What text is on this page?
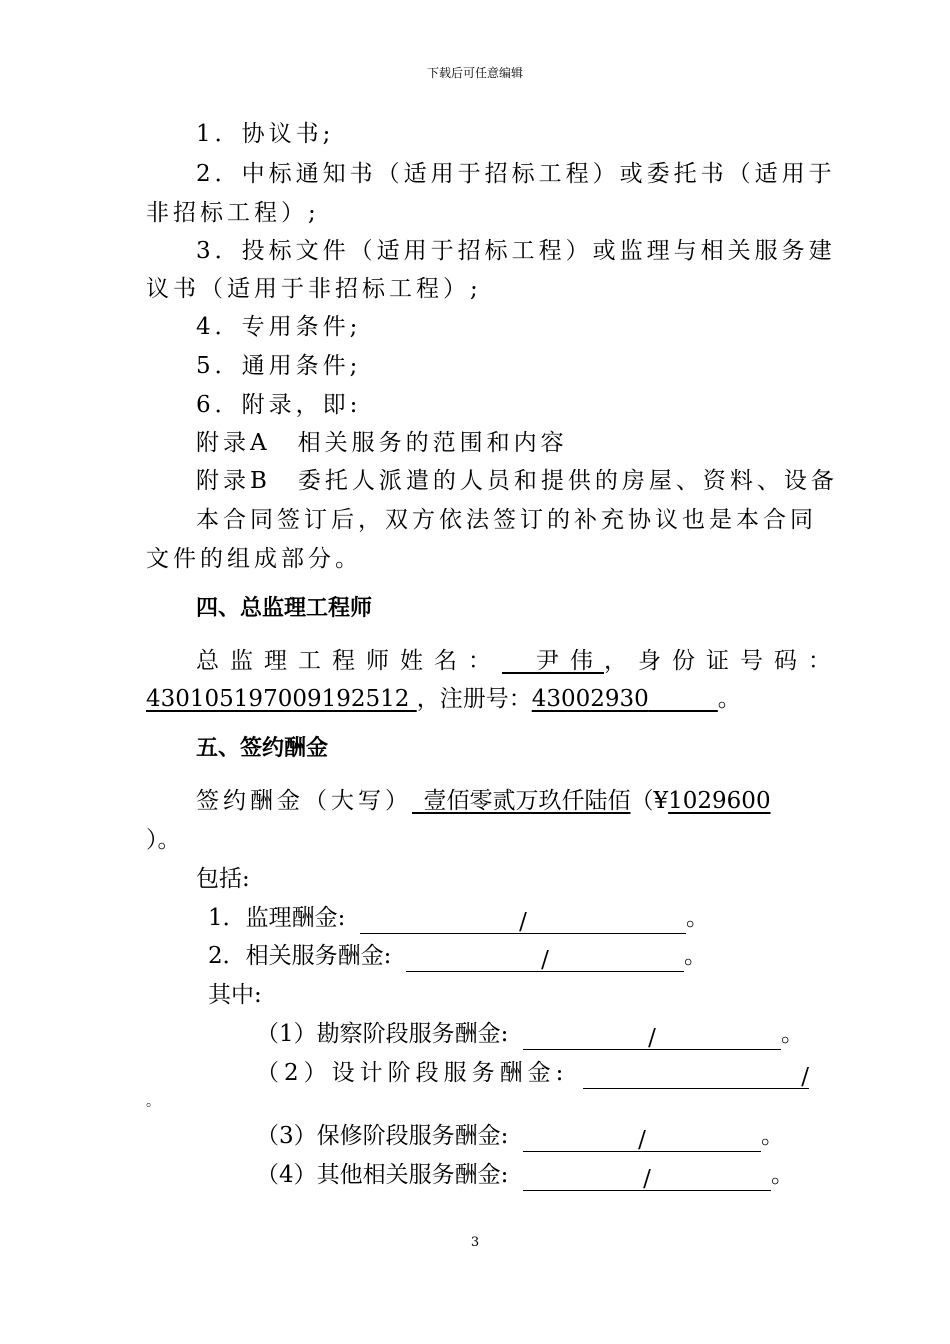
下载后可任意编辑
1．协议书;
2．中标通知书（适用于招标工程）或委托书（适用于
非招标工程）;
3．投标文件（适用于招标工程）或监理与相关服务建
议书（适用于非招标工程）;
4．专用条件;
5．通用条件;
6．附录，即:
附录A　相关服务的范围和内容
附录B　委托人派遣的人员和提供的房屋、资料、设备
本合同签订后，双方依法签订的补充协议也是本合同
文件的组成部分。
四、总监理工程师
总监理工程师姓名：  尹伟，身份证号码：
430105197009192512 ，注册号：43002930   	。
五、签约酬金
签约酬金（大写）  壹佰零贰万玖仟陆佰（¥1029600
）。
包括:
1．监理酬金:	/	。
2．相关服务酬金:	/	。
其中:
（1）勘察阶段服务酬金:	/	。
（2）设计阶段服务酬金:	/
。
（3）保修阶段服务酬金:	/	。
（4）其他相关服务酬金:	/	。
3
